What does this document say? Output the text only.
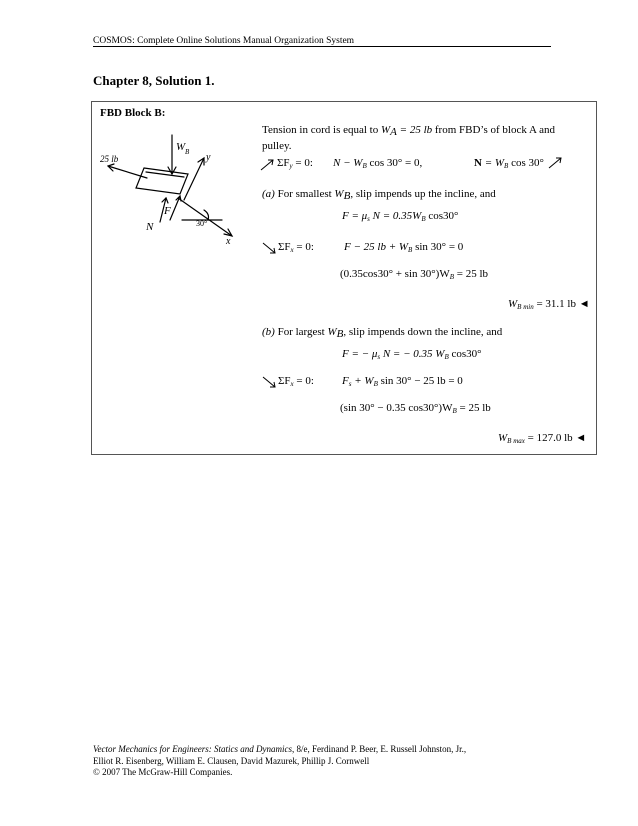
COSMOS: Complete Online Solutions Manual Organization System
Chapter 8, Solution 1.
FBD Block B:
W B
25 lb	y
F
N	30°
x
Tension in cord is equal to $W_A = 25$ lb from FBD’s of block A and
pulley.
$\Sigma F_y = 0$: $N - W_B$ cos 30° = 0,	$N = W_B$ cos 30°
(a) For smallest $W_B$, slip impends up the incline, and
$F = \mu_s$ $N = 0.35W_B$ cos30°
$\Sigma F_x = 0$:	F − 25 lb + $W_B$ sin 30° = 0
$(0.35\cos 30^\circ + \sin 30^\circ)W_B = 25$ lb
$W_{B min} = 31.1$ lb ◄
(b) For largest $W_B$, slip impends down the incline, and
F = − $\mu_s$ N = − 0.35 $W_B$ cos30°
$\Sigma F_x = 0$:	$F_s + W_B$ sin 30° − 25 lb = 0
(sin 30° − 0.35 $\cos 30^\circ)W_B = 25$ lb
$W_{B max} = 127.0$ lb ◄
Vector Mechanics for Engineers: Statics and Dynamics, 8/e, Ferdinand P. Beer, E. Russell Johnston, Jr.,
Elliot R. Eisenberg, William E. Clausen, David Mazurek, Phillip J. Cornwell
© 2007 The McGraw-Hill Companies.
